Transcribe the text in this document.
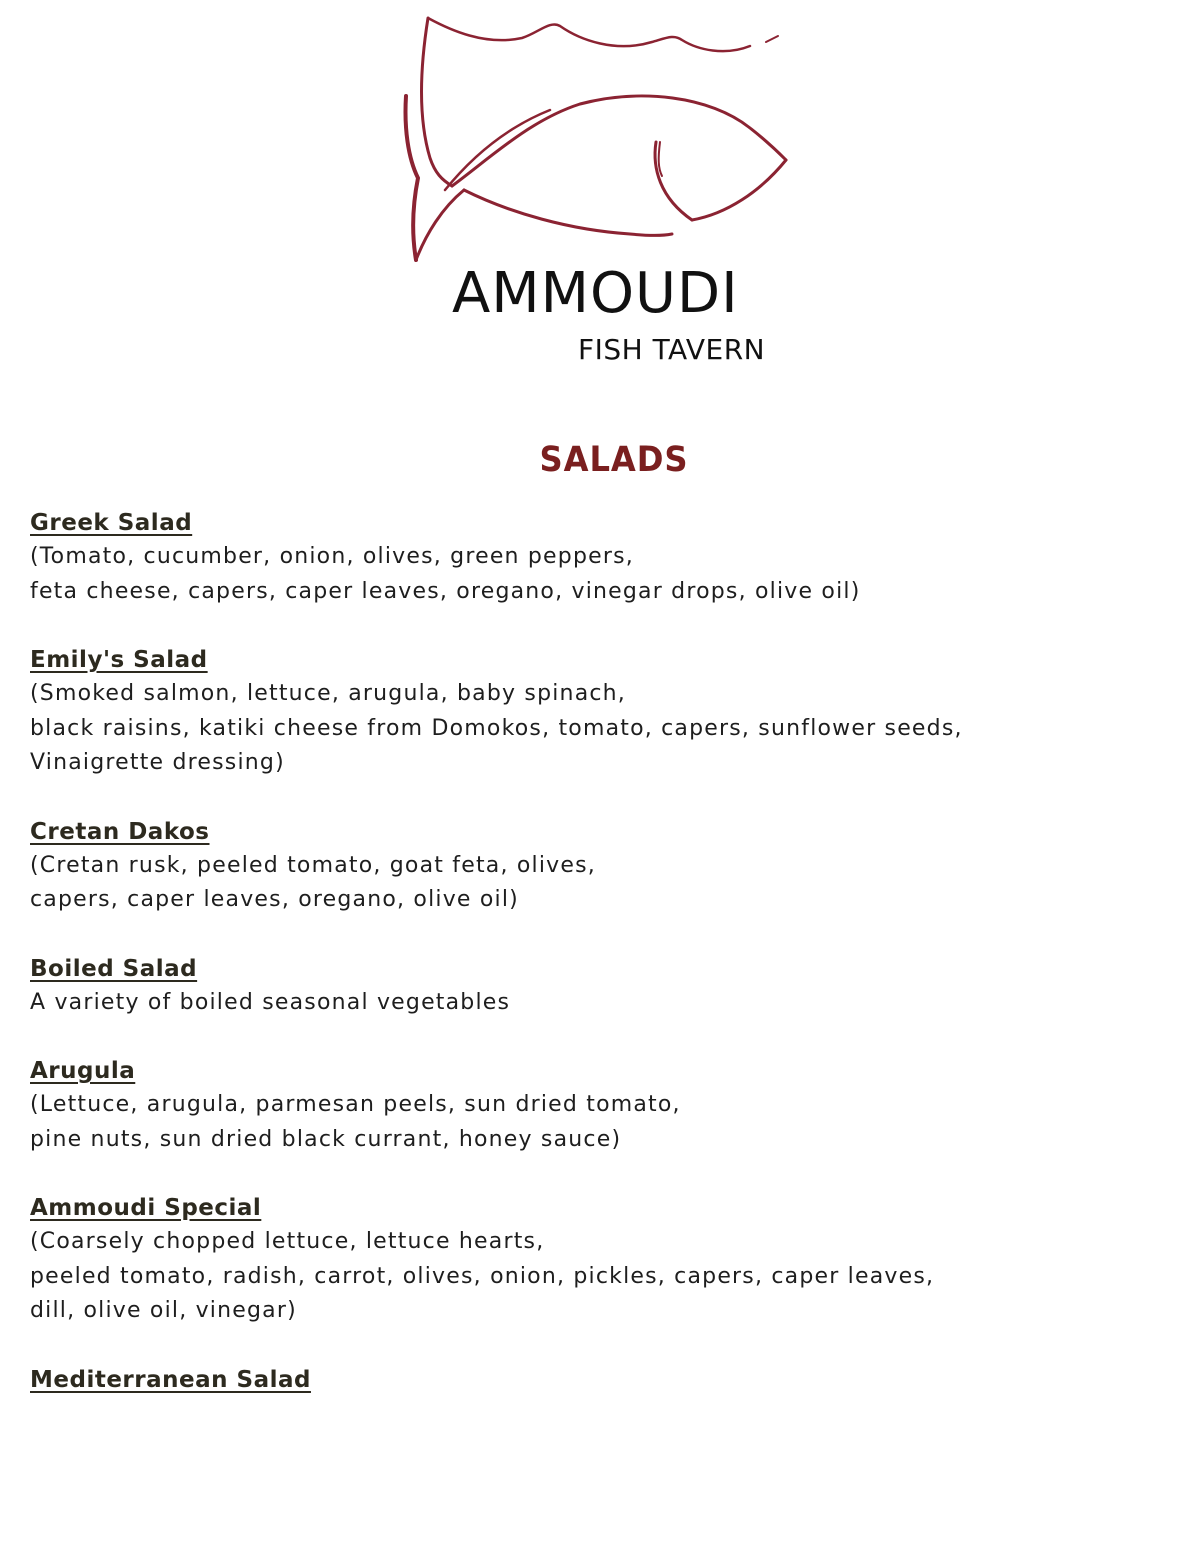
AMMOUDI
FISH TAVERN
SALADS
Greek Salad
(Tomato, cucumber, onion, olives, green peppers,
feta cheese, capers, caper leaves, oregano, vinegar drops, olive oil)
Emily's Salad
(Smoked salmon, lettuce, arugula, baby spinach,
black raisins, katiki cheese from Domokos, tomato, capers, sunflower seeds,
Vinaigrette dressing)
Cretan Dakos
(Cretan rusk, peeled tomato, goat feta, olives,
capers, caper leaves, oregano, olive oil)
Boiled Salad
A variety of boiled seasonal vegetables
Arugula
(Lettuce, arugula, parmesan peels, sun dried tomato,
pine nuts, sun dried black currant, honey sauce)
Ammoudi Special
(Coarsely chopped lettuce, lettuce hearts,
peeled tomato, radish, carrot, olives, onion, pickles, capers, caper leaves,
dill, olive oil, vinegar)
Mediterranean Salad
